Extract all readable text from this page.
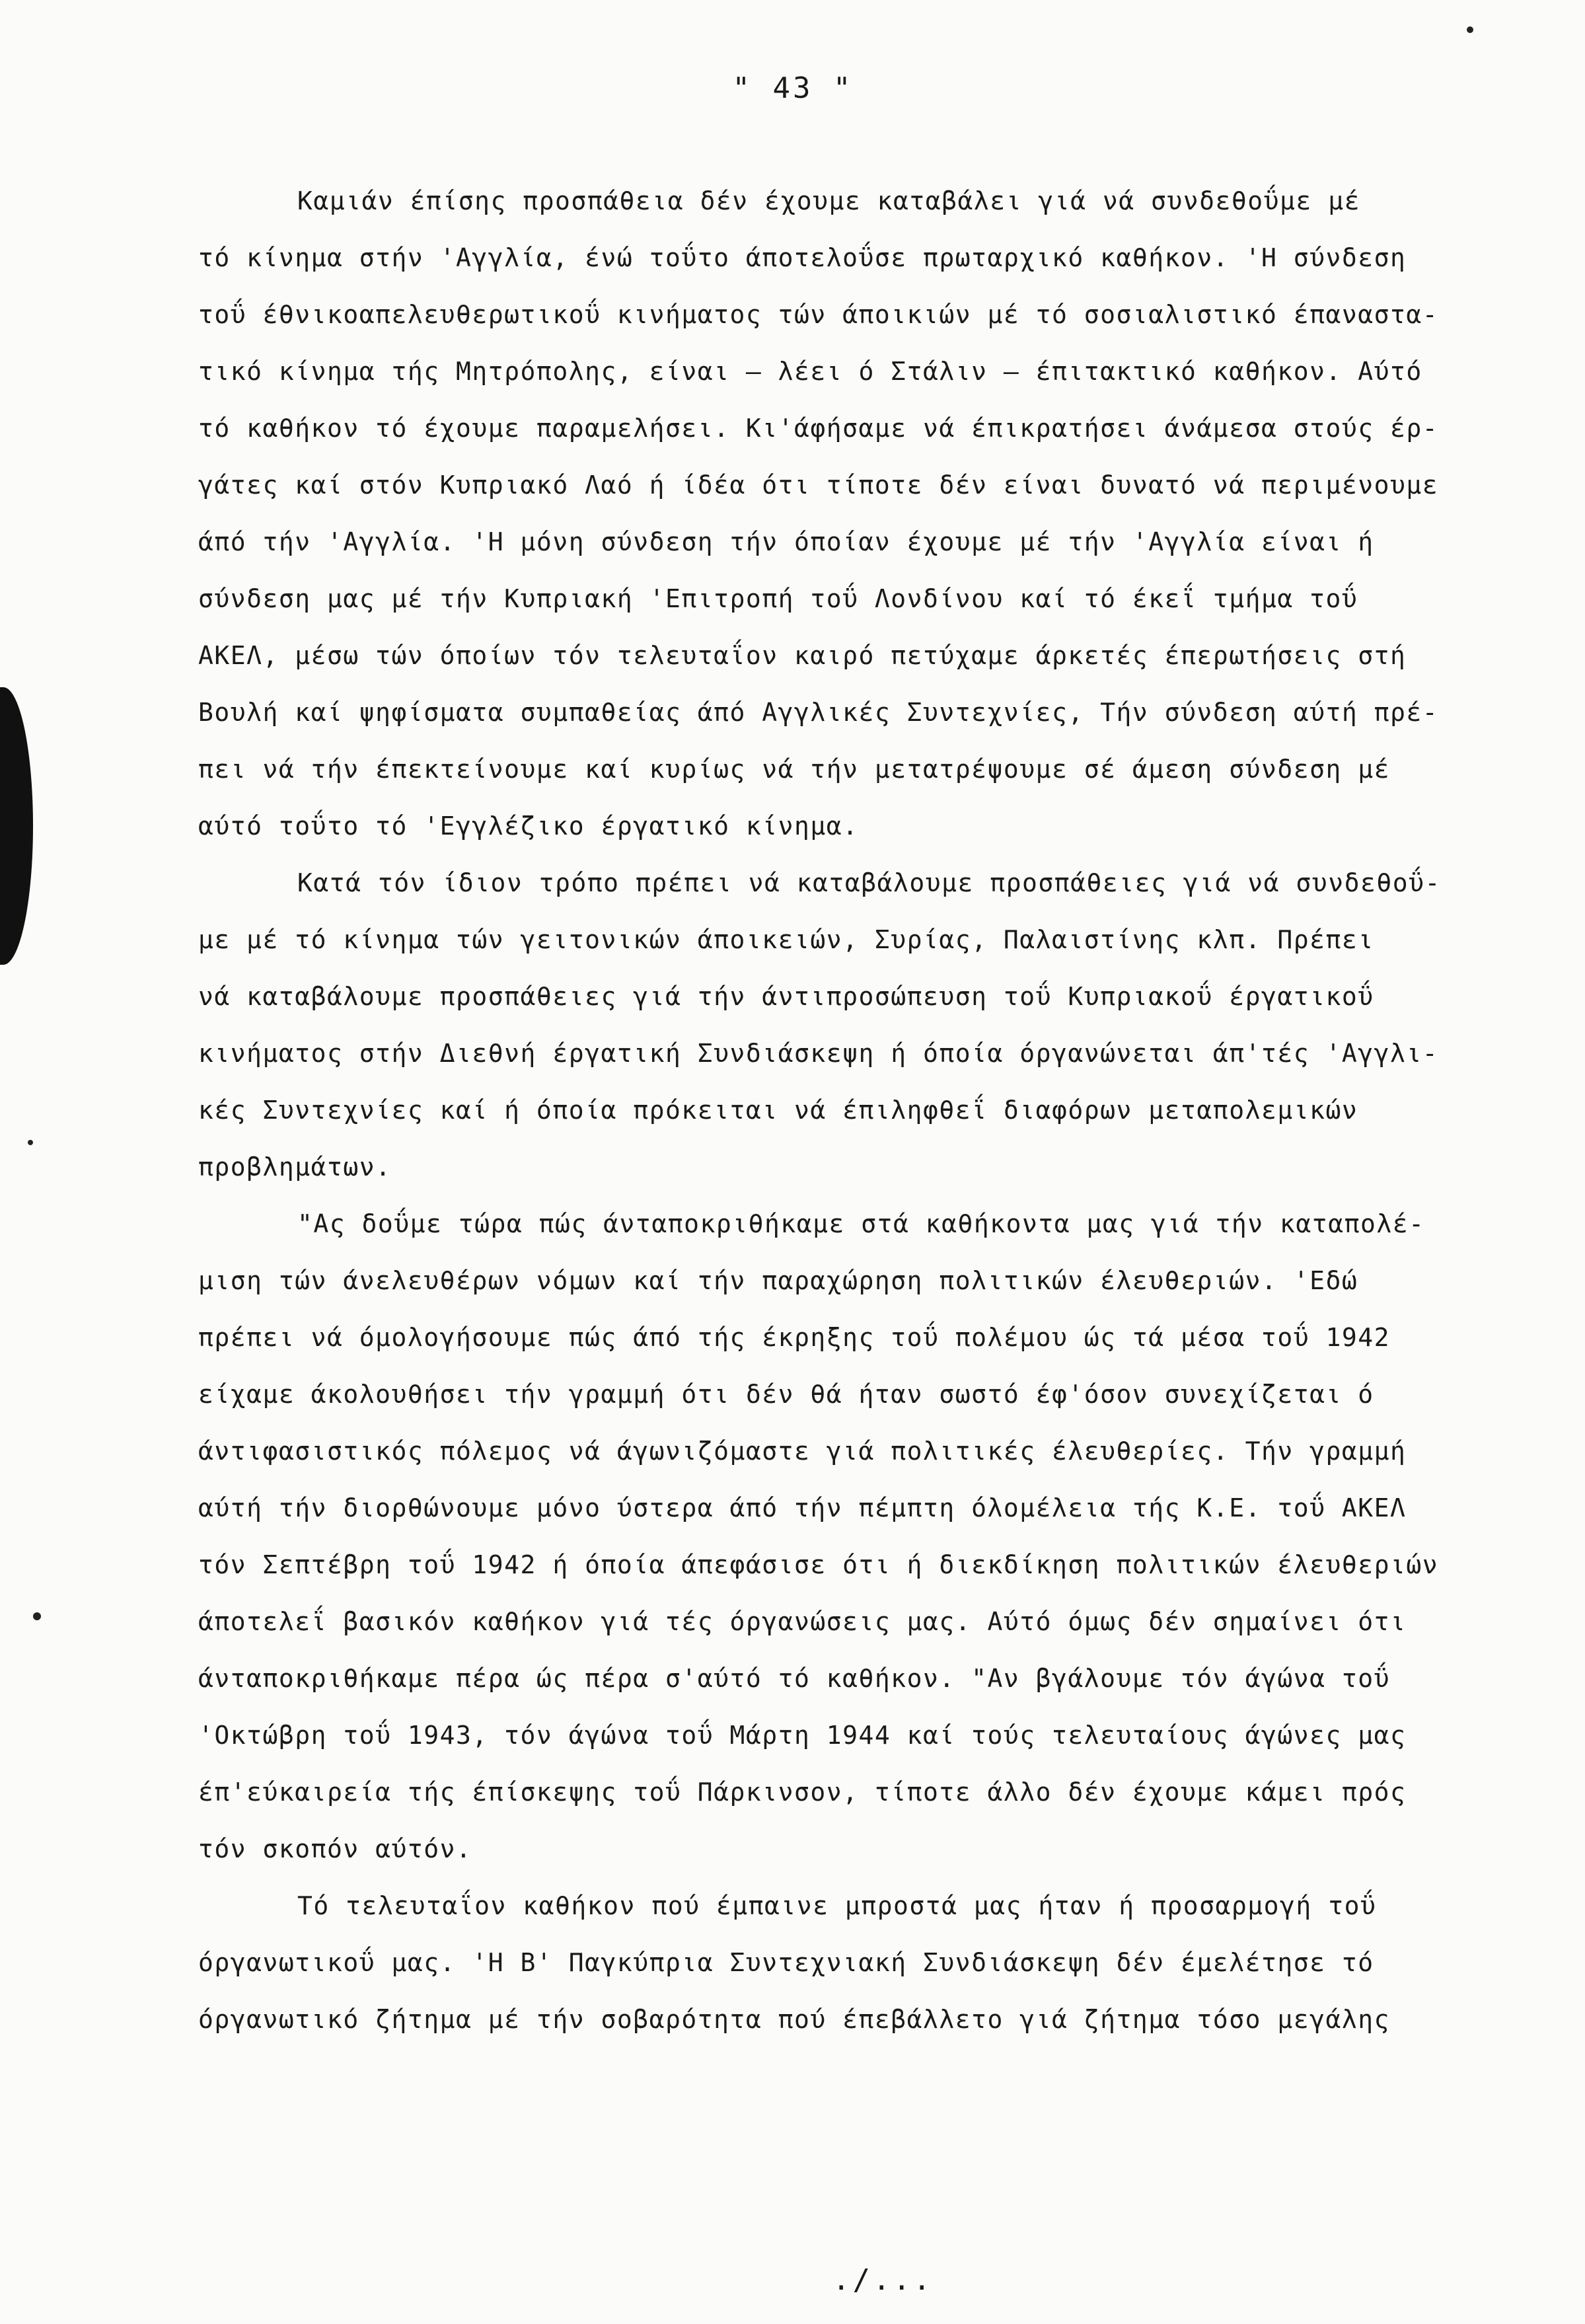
" 43 "
Καμιάν έπίσης προσπάθεια δέν έχουμε καταβάλει γιά νά συνδεθοΰμε μέ
τό κίνημα στήν 'Αγγλία, ένώ τοΰτο άποτελοΰσε πρωταρχικό καθήκον. 'Η σύνδεση
τοΰ έθνικοαπελευθερωτικοΰ κινήματος τών άποικιών μέ τό σοσιαλιστικό έπαναστα-
τικό κίνημα τής Μητρόπολης, είναι – λέει ό Στάλιν – έπιτακτικό καθήκον. Αύτό
τό καθήκον τό έχουμε παραμελήσει. Κι'άφήσαμε νά έπικρατήσει άνάμεσα στούς έρ-
γάτες καί στόν Κυπριακό Λαό ή ίδέα ότι τίποτε δέν είναι δυνατό νά περιμένουμε
άπό τήν 'Αγγλία. 'Η μόνη σύνδεση τήν όποίαν έχουμε μέ τήν 'Αγγλία είναι ή
σύνδεση μας μέ τήν Κυπριακή 'Επιτροπή τοΰ Λονδίνου καί τό έκεΐ τμήμα τοΰ
ΑΚΕΛ, μέσω τών όποίων τόν τελευταΐον καιρό πετύχαμε άρκετές έπερωτήσεις στή
Βουλή καί ψηφίσματα συμπαθείας άπό Αγγλικές Συντεχνίες, Τήν σύνδεση αύτή πρέ-
πει νά τήν έπεκτείνουμε καί κυρίως νά τήν μετατρέψουμε σέ άμεση σύνδεση μέ
αύτό τοΰτο τό 'Εγγλέζικο έργατικό κίνημα.
Κατά τόν ίδιον τρόπο πρέπει νά καταβάλουμε προσπάθειες γιά νά συνδεθοΰ-
με μέ τό κίνημα τών γειτονικών άποικειών, Συρίας, Παλαιστίνης κλπ. Πρέπει
νά καταβάλουμε προσπάθειες γιά τήν άντιπροσώπευση τοΰ Κυπριακοΰ έργατικοΰ
κινήματος στήν Διεθνή έργατική Συνδιάσκεψη ή όποία όργανώνεται άπ'τές 'Αγγλι-
κές Συντεχνίες καί ή όποία πρόκειται νά έπιληφθεΐ διαφόρων μεταπολεμικών
προβλημάτων.
"Ας δοΰμε τώρα πώς άνταποκριθήκαμε στά καθήκοντα μας γιά τήν καταπολέ-
μιση τών άνελευθέρων νόμων καί τήν παραχώρηση πολιτικών έλευθεριών. 'Εδώ
πρέπει νά όμολογήσουμε πώς άπό τής έκρηξης τοΰ πολέμου ώς τά μέσα τοΰ 1942
είχαμε άκολουθήσει τήν γραμμή ότι δέν θά ήταν σωστό έφ'όσον συνεχίζεται ό
άντιφασιστικός πόλεμος νά άγωνιζόμαστε γιά πολιτικές έλευθερίες. Τήν γραμμή
αύτή τήν διορθώνουμε μόνο ύστερα άπό τήν πέμπτη όλομέλεια τής Κ.Ε. τοΰ ΑΚΕΛ
τόν Σεπτέβρη τοΰ 1942 ή όποία άπεφάσισε ότι ή διεκδίκηση πολιτικών έλευθεριών
άποτελεΐ βασικόν καθήκον γιά τές όργανώσεις μας. Αύτό όμως δέν σημαίνει ότι
άνταποκριθήκαμε πέρα ώς πέρα σ'αύτό τό καθήκον. "Αν βγάλουμε τόν άγώνα τοΰ
'Οκτώβρη τοΰ 1943, τόν άγώνα τοΰ Μάρτη 1944 καί τούς τελευταίους άγώνες μας
έπ'εύκαιρεία τής έπίσκεψης τοΰ Πάρκινσον, τίποτε άλλο δέν έχουμε κάμει πρός
τόν σκοπόν αύτόν.
Τό τελευταΐον καθήκον πού έμπαινε μπροστά μας ήταν ή προσαρμογή τοΰ
όργανωτικοΰ μας. 'Η Β' Παγκύπρια Συντεχνιακή Συνδιάσκεψη δέν έμελέτησε τό
όργανωτικό ζήτημα μέ τήν σοβαρότητα πού έπεβάλλετο γιά ζήτημα τόσο μεγάλης
./...
